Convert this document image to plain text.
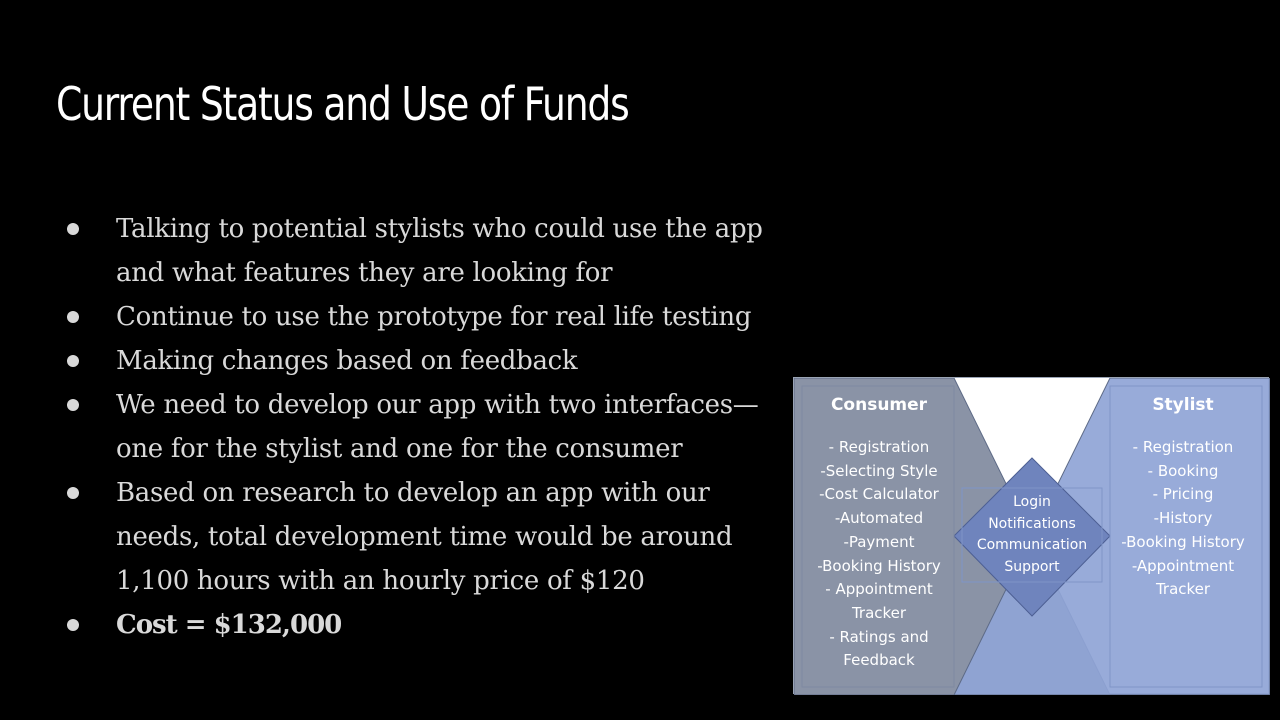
Current Status and Use of Funds
Talking to potential stylists who could use the app and what features they are looking for
Continue to use the prototype for real life testing
Making changes based on feedback
We need to develop our app with two interfaces— one for the stylist and one for the consumer
Based on research to develop an app with our needs, total development time would be around 1,100 hours with an hourly price of $120
Cost = $132,000
Consumer
- Registration
-Selecting Style
-Cost Calculator
-Automated
-Payment
-Booking History
- Appointment
Tracker
- Ratings and
Feedback
Login
Notifications
Communication
Support
Stylist
- Registration
- Booking
- Pricing
-History
-Booking History
-Appointment
Tracker
